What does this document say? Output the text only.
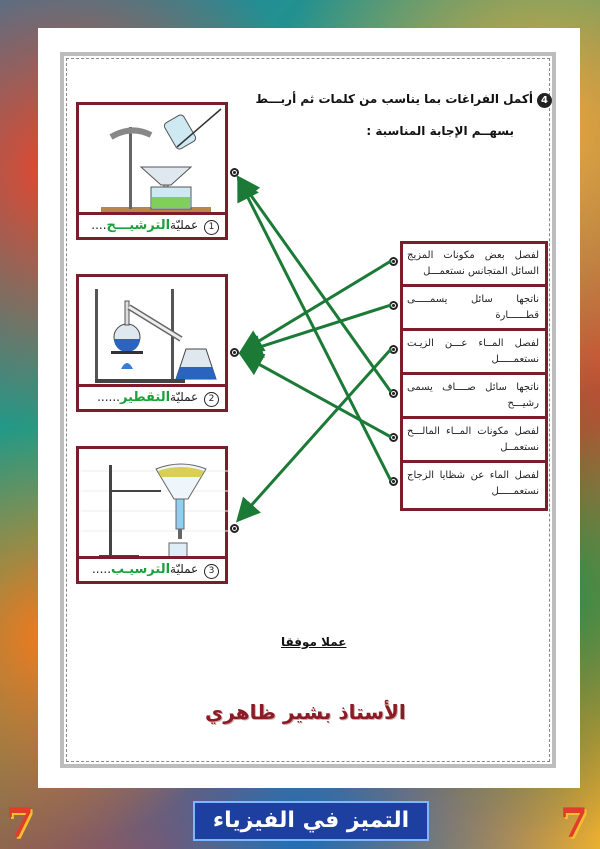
4أكمل الفراغات بما يناسب من كلمات ثم أربـــط
بسهــم الإجابة المناسبة :
1 عمليّةالترشيـــح....
2 عمليّةالتقطير......
3 عمليّةالترسيـب.....
لفصل بعض مكونات المزيج السائل المتجانس نستعمـــل
ناتجها سائل يسمـــــى قطــــــارة
لفصل المــاء عـــن الزيـت نستعمـــــل
ناتجها سائل صــــاف يسمى رشيـــح
لفصل مكونات المــاء المالـــح نستعمــل
لفصل الماء عن شظايا الزجاج نستعمـــــل
عملا موفقا
الأستاذ بشير ظاهري
7	7
التميز في الفيزياء
